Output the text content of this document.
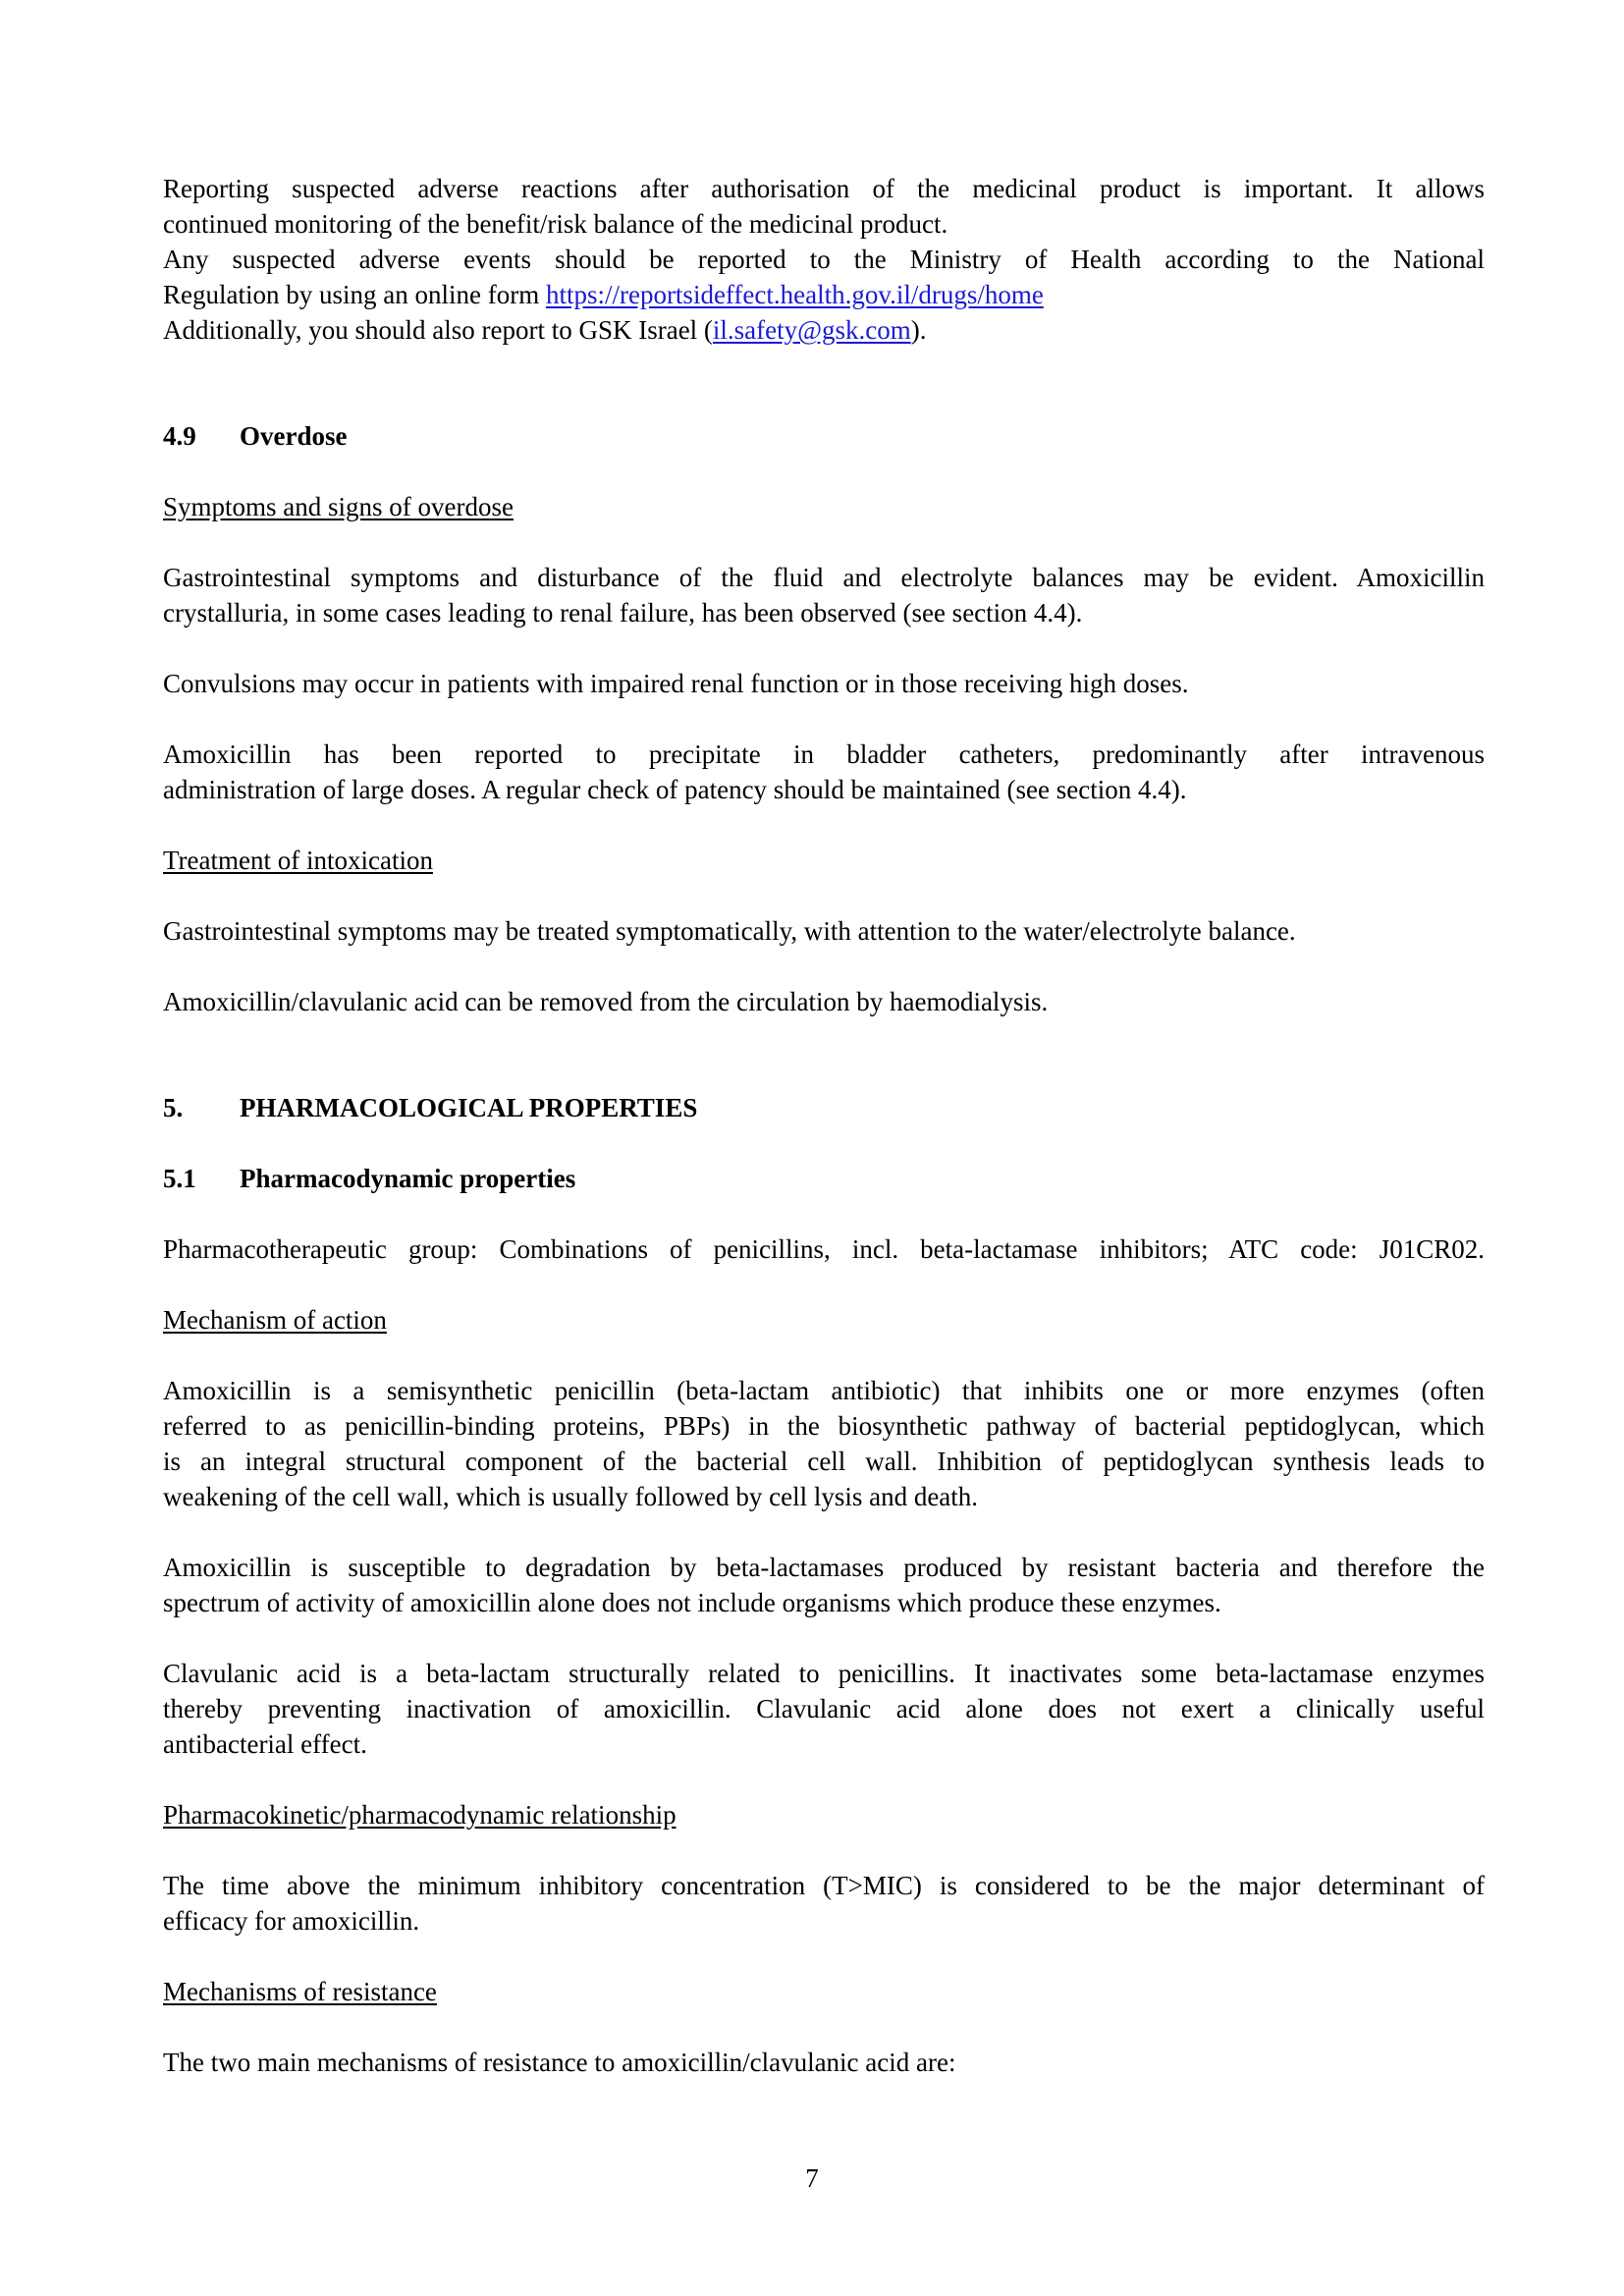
Reporting suspected adverse reactions after authorisation of the medicinal product is important. It allows
continued monitoring of the benefit/risk balance of the medicinal product.

Any suspected adverse events should be reported to the Ministry of Health according to the National
Regulation by using an online form https://reportsideffect.health.gov.il/drugs/home

Additionally, you should also report to GSK Israel (il.safety@gsk.com).

4.9 Overdose

Symptoms and signs of overdose

Gastrointestinal symptoms and disturbance of the fluid and electrolyte balances may be evident. Amoxicillin
crystalluria, in some cases leading to renal failure, has been observed (see section 4.4).

Convulsions may occur in patients with impaired renal function or in those receiving high doses.

Amoxicillin has been reported to precipitate in bladder catheters, predominantly after intravenous
administration of large doses. A regular check of patency should be maintained (see section 4.4).

Treatment of intoxication

Gastrointestinal symptoms may be treated symptomatically, with attention to the water/electrolyte balance.

Amoxicillin/clavulanic acid can be removed from the circulation by haemodialysis.

5. PHARMACOLOGICAL PROPERTIES
5.1 Pharmacodynamic properties

Pharmacotherapeutic group: Combinations of penicillins, incl. beta-lactamase inhibitors; ATC code: J01CR02.

Mechanism of action

Amoxicillin is a semisynthetic penicillin (beta-lactam antibiotic) that inhibits one or more enzymes (often
referred to as penicillin-binding proteins, PBPs) in the biosynthetic pathway of bacterial peptidoglycan, which
is an integral structural component of the bacterial cell wall. Inhibition of peptidoglycan synthesis leads to
weakening of the cell wall, which is usually followed by cell lysis and death.

Amoxicillin is susceptible to degradation by beta-lactamases produced by resistant bacteria and therefore the
spectrum of activity of amoxicillin alone does not include organisms which produce these enzymes.

Clavulanic acid is a beta-lactam structurally related to penicillins. It inactivates some beta-lactamase enzymes
thereby preventing inactivation of amoxicillin. Clavulanic acid alone does not exert a clinically useful
antibacterial effect.

Pharmacokinetic/pharmacodynamic relationship

The time above the minimum inhibitory concentration (T>MIC) is considered to be the major determinant of
efficacy for amoxicillin.

Mechanisms of resistance

The two main mechanisms of resistance to amoxicillin/clavulanic acid are:

7
